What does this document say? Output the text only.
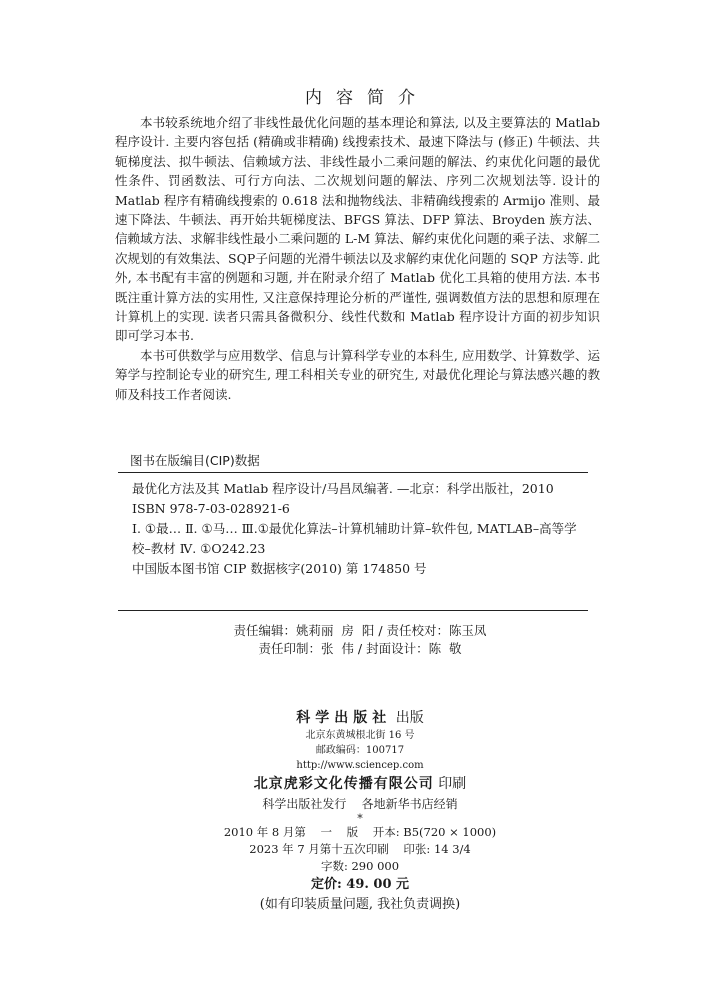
内容简介

本书较系统地介绍了非线性最优化问题的基本理论和算法, 以及主要算法的 Matlab 程序设计. 主要内容包括 (精确或非精确) 线搜索技术、最速下降法与 (修正) 牛顿法、共轭梯度法、拟牛顿法、信赖域方法、非线性最小二乘问题的解法、约束优化问题的最优性条件、罚函数法、可行方向法、二次规划问题的解法、序列二次规划法等. 设计的 Matlab 程序有精确线搜索的 0.618 法和抛物线法、非精确线搜索的 Armijo 准则、最速下降法、牛顿法、再开始共轭梯度法、BFGS 算法、DFP 算法、Broyden 族方法、信赖域方法、求解非线性最小二乘问题的 L-M 算法、解约束优化问题的乘子法、求解二次规划的有效集法、SQP子问题的光滑牛顿法以及求解约束优化问题的 SQP 方法等. 此外, 本书配有丰富的例题和习题, 并在附录介绍了 Matlab 优化工具箱的使用方法. 本书既注重计算方法的实用性, 又注意保持理论分析的严谨性, 强调数值方法的思想和原理在计算机上的实现. 读者只需具备微积分、线性代数和 Matlab 程序设计方面的初步知识即可学习本书.

本书可供数学与应用数学、信息与计算科学专业的本科生, 应用数学、计算数学、运筹学与控制论专业的研究生, 理工科相关专业的研究生, 对最优化理论与算法感兴趣的教师及科技工作者阅读.

图书在版编目(CIP)数据
最优化方法及其 Matlab 程序设计/马昌凤编著. —北京：科学出版社，2010
ISBN 978-7-03-028921-6
Ⅰ. ①最… Ⅱ. ①马… Ⅲ.①最优化算法–计算机辅助计算–软件包, MATLAB–高等学校–教材 Ⅳ. ①O242.23
中国版本图书馆 CIP 数据核字(2010) 第 174850 号
责任编辑：姚莉丽  房  阳 / 责任校对：陈玉凤
责任印制：张  伟 / 封面设计：陈  敬
科学出版社 出版
北京东黄城根北街 16 号
邮政编码：100717
http://www.sciencep.com
北京虎彩文化传播有限公司 印刷
科学出版社发行    各地新华书店经销
*
2010 年 8 月第    一    版    开本: B5(720 × 1000)
2023 年 7 月第十五次印刷    印张: 14 3/4
字数: 290 000
定价: 49. 00 元
(如有印装质量问题, 我社负责调换)
